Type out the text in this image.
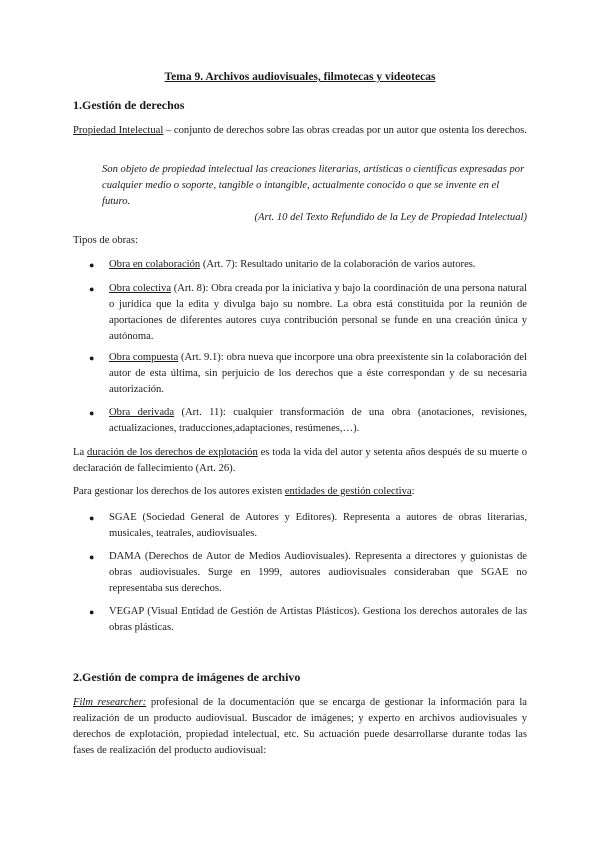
Tema 9. Archivos audiovisuales, filmotecas y videotecas
1.Gestión de derechos
Propiedad Intelectual – conjunto de derechos sobre las obras creadas por un autor que ostenta los derechos.
Son objeto de propiedad intelectual las creaciones literarias, artísticas o científicas expresadas por cualquier medio o soporte, tangible o intangible, actualmente conocido o que se invente en el futuro.
(Art. 10 del Texto Refundido de la Ley de Propiedad Intelectual)
Tipos de obras:
●	Obra en colaboración (Art. 7): Resultado unitario de la colaboración de varios autores.
●	Obra colectiva (Art. 8): Obra creada por la iniciativa y bajo la coordinación de una persona natural o jurídica que la edita y divulga bajo su nombre. La obra está constituida por la reunión de aportaciones de diferentes autores cuya contribución personal se funde en una creación única y autónoma.
●	Obra compuesta (Art. 9.1): obra nueva que incorpore una obra preexistente sin la colaboración del autor de esta última, sin perjuicio de los derechos que a éste correspondan y de su necesaria autorización.
●	Obra derivada (Art. 11): cualquier transformación de una obra (anotaciones, revisiones, actualizaciones, traducciones,adaptaciones, resúmenes,…).
La duración de los derechos de explotación es toda la vida del autor y setenta años después de su muerte o declaración de fallecimiento (Art. 26).
Para gestionar los derechos de los autores existen entidades de gestión colectiva:
●	SGAE (Sociedad General de Autores y Editores). Representa a autores de obras literarias, musicales, teatrales, audiovisuales.
●	DAMA (Derechos de Autor de Medios Audiovisuales). Representa a directores y guionistas de obras audiovisuales. Surge en 1999, autores audiovisuales consideraban que SGAE no representaba sus derechos.
●	VEGAP (Visual Entidad de Gestión de Artistas Plásticos). Gestiona los derechos autorales de las obras plásticas.
2.Gestión de compra de imágenes de archivo
Film researcher: profesional de la documentación que se encarga de gestionar la información para la realización de un producto audiovisual. Buscador de imágenes; y experto en archivos audiovisuales y derechos de explotación, propiedad intelectual, etc. Su actuación puede desarrollarse durante todas las fases de realización del producto audiovisual:
